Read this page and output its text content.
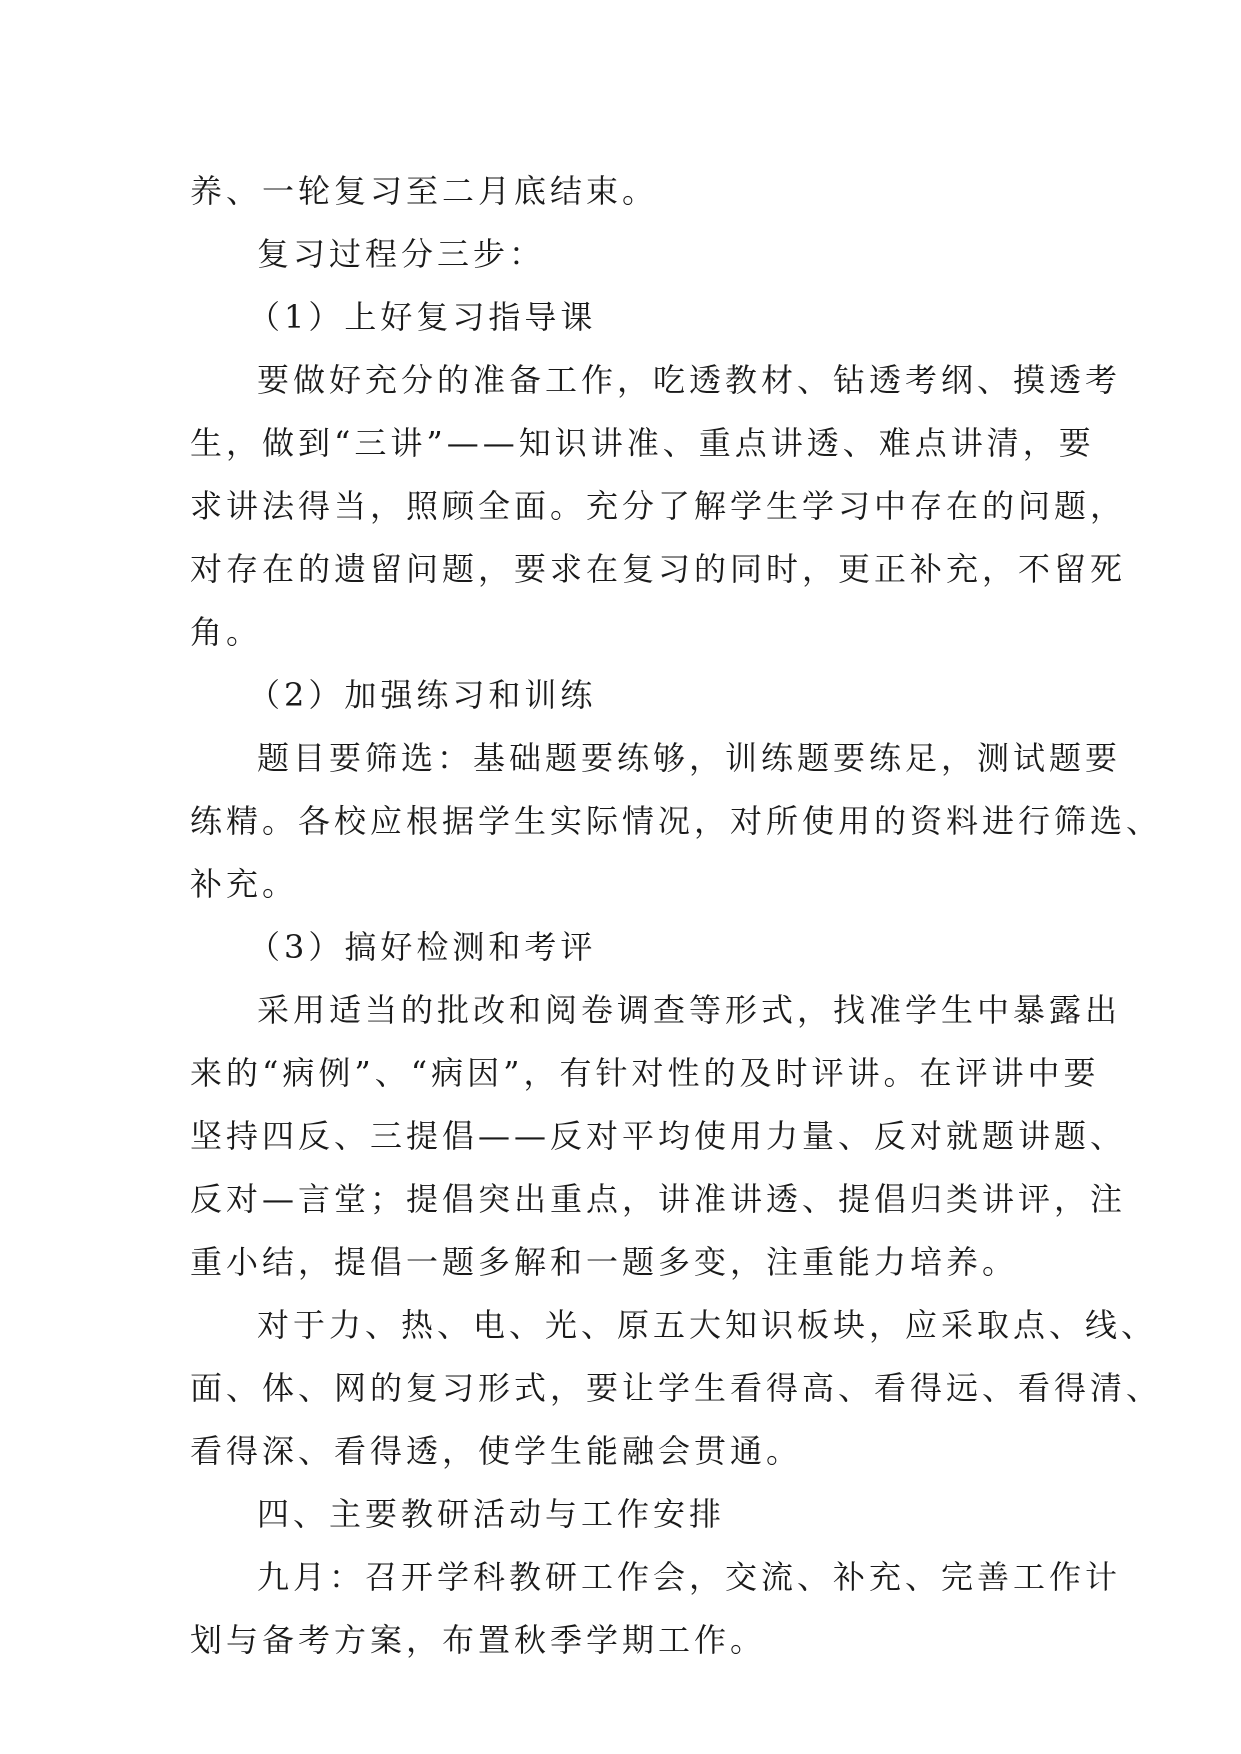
养、一轮复习至二月底结束。
复习过程分三步：
（1）上好复习指导课
要做好充分的准备工作，吃透教材、钻透考纲、摸透考
生，做到“三讲”——知识讲准、重点讲透、难点讲清，要
求讲法得当，照顾全面。充分了解学生学习中存在的问题，
对存在的遗留问题，要求在复习的同时，更正补充，不留死
角。
（2）加强练习和训练
题目要筛选：基础题要练够，训练题要练足，测试题要
练精。各校应根据学生实际情况，对所使用的资料进行筛选、
补充。
（3）搞好检测和考评
采用适当的批改和阅卷调查等形式，找准学生中暴露出
来的“病例”、“病因”，有针对性的及时评讲。在评讲中要
坚持四反、三提倡——反对平均使用力量、反对就题讲题、
反对—言堂；提倡突出重点，讲准讲透、提倡归类讲评，注
重小结，提倡一题多解和一题多变，注重能力培养。
对于力、热、电、光、原五大知识板块，应采取点、线、
面、体、网的复习形式，要让学生看得高、看得远、看得清、
看得深、看得透，使学生能融会贯通。
四、主要教研活动与工作安排
九月：召开学科教研工作会，交流、补充、完善工作计
划与备考方案，布置秋季学期工作。
